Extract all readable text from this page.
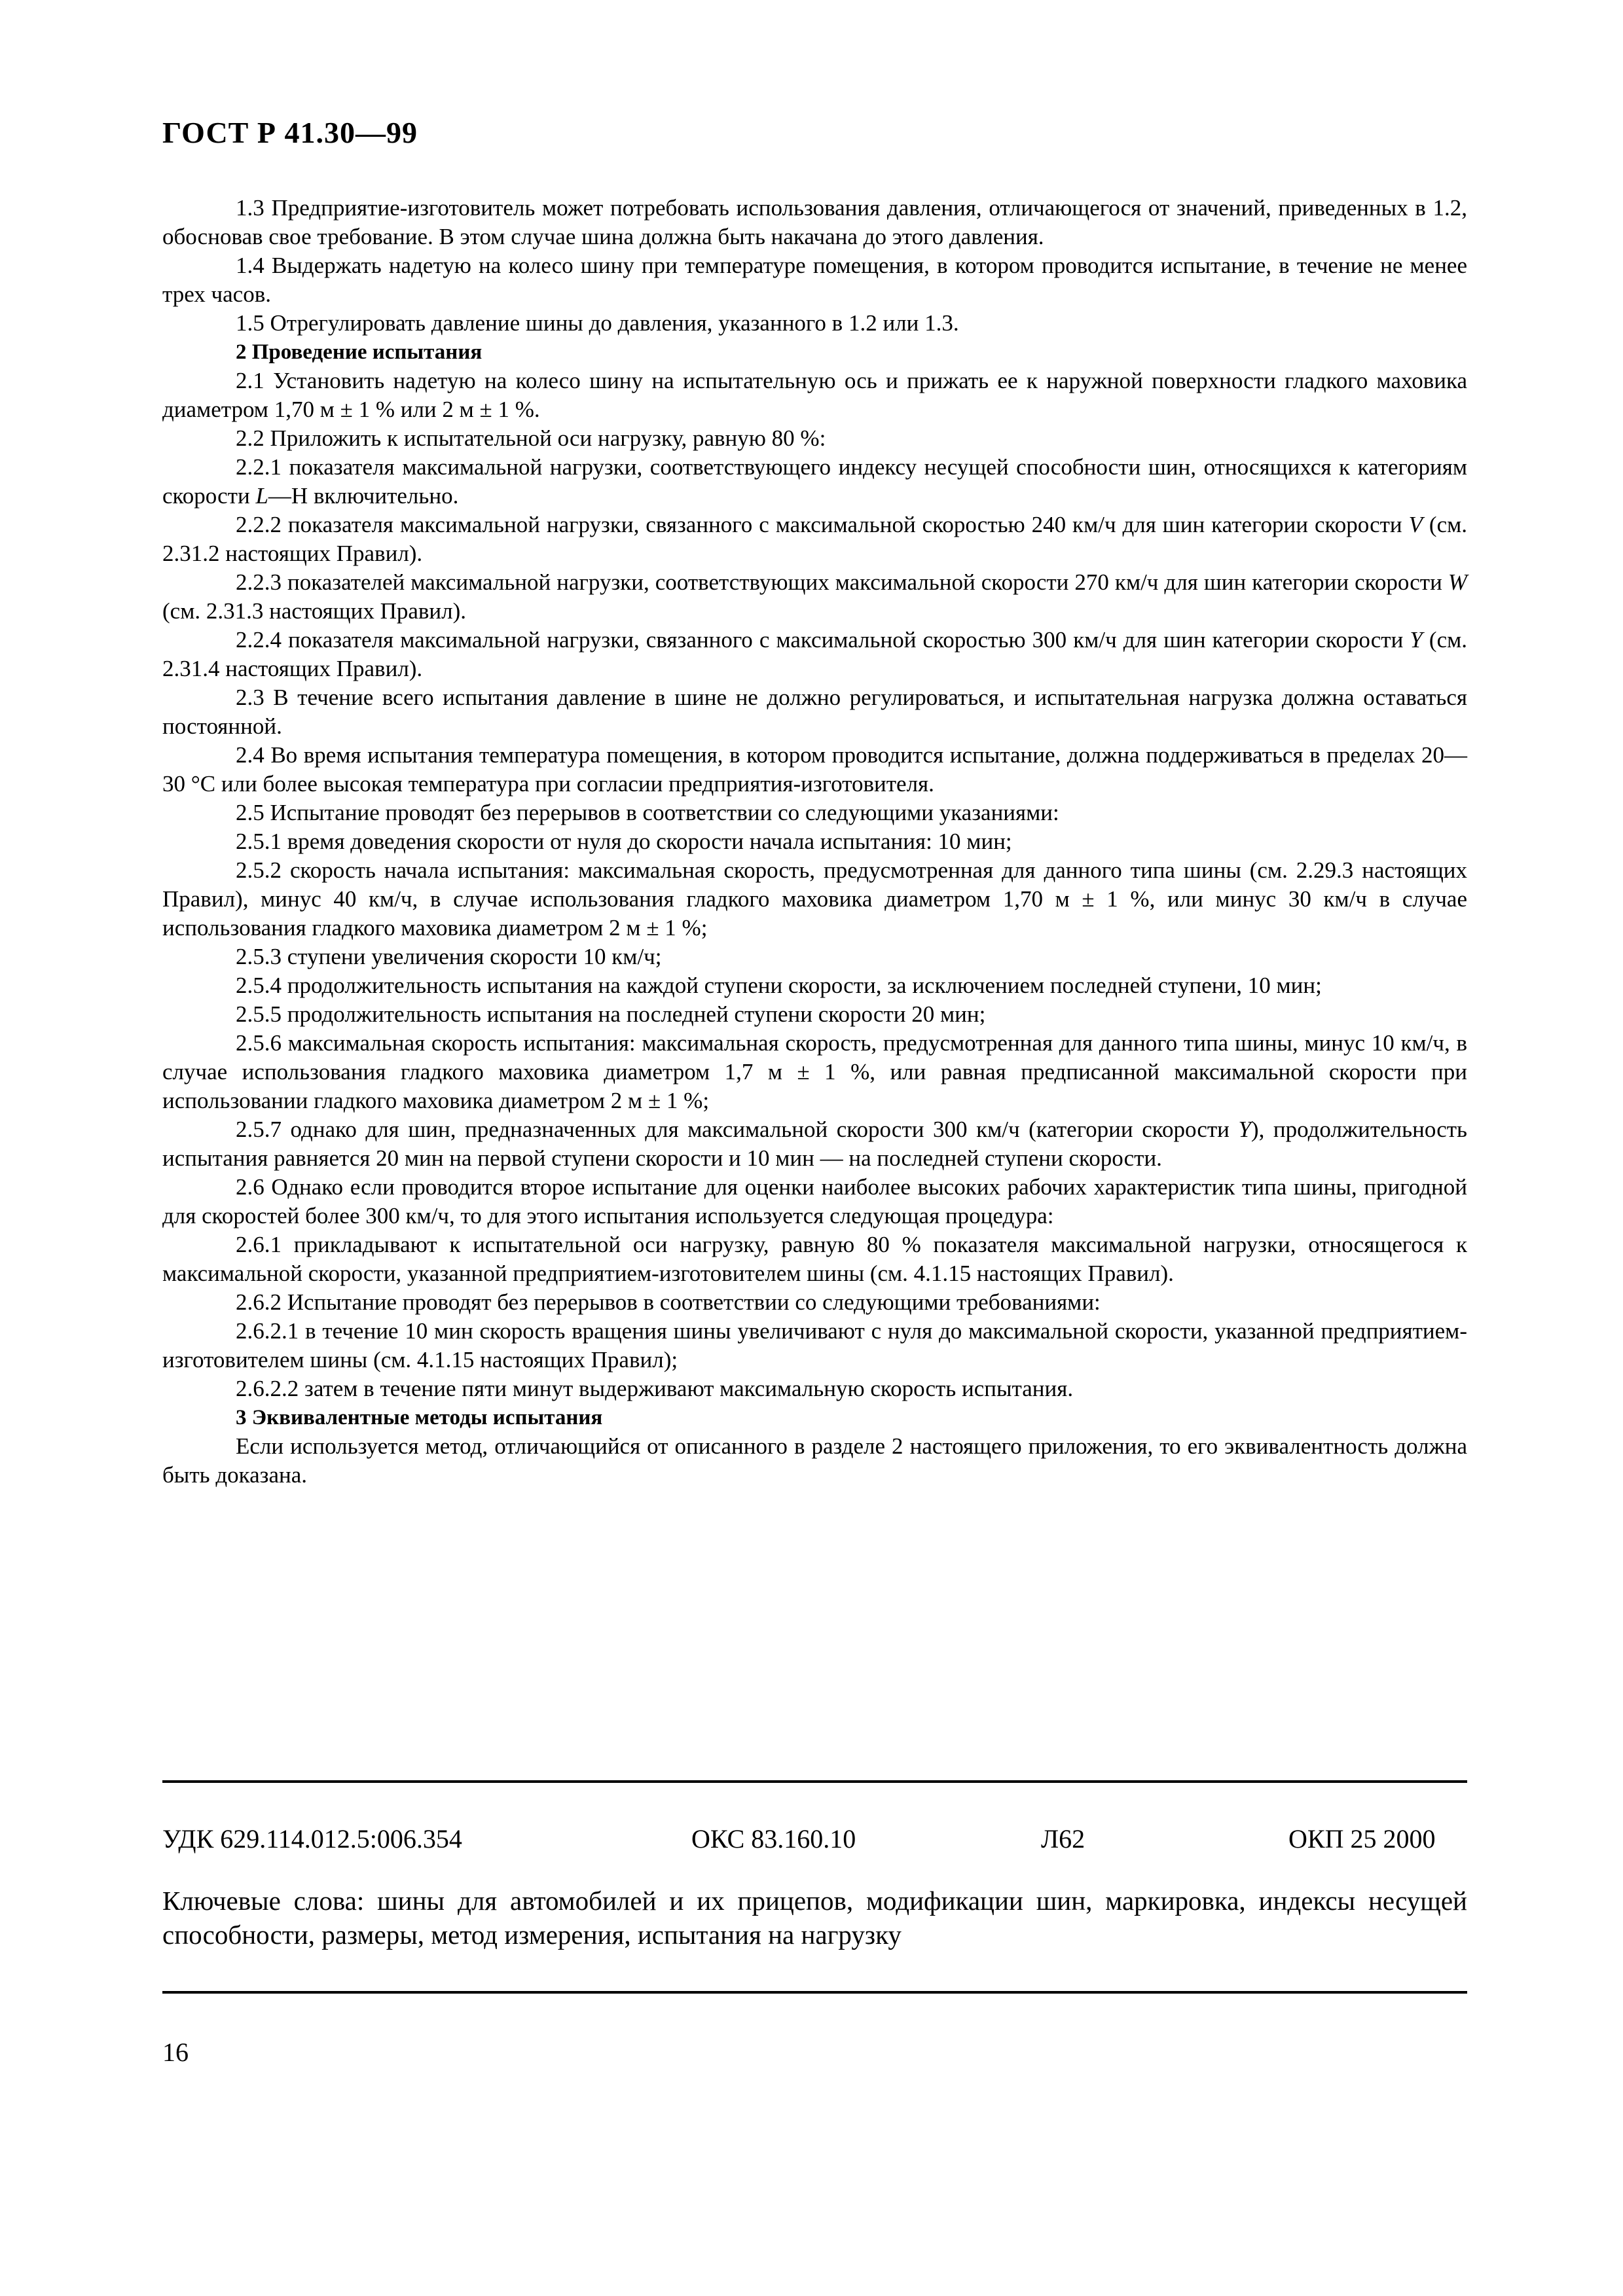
ГОСТ Р 41.30—99

1.3 Предприятие-изготовитель может потребовать использования давления, отличающегося от значений, приведенных в 1.2, обосновав свое требование. В этом случае шина должна быть накачана до этого давления.

1.4 Выдержать надетую на колесо шину при температуре помещения, в котором проводится испытание, в течение не менее трех часов.

1.5 Отрегулировать давление шины до давления, указанного в 1.2 или 1.3.

2 Проведение испытания

2.1 Установить надетую на колесо шину на испытательную ось и прижать ее к наружной поверхности гладкого маховика диаметром 1,70 м ± 1 % или 2 м ± 1 %.

2.2 Приложить к испытательной оси нагрузку, равную 80 %:

2.2.1 показателя максимальной нагрузки, соответствующего индексу несущей способности шин, относящихся к категориям скорости L—H включительно.

2.2.2 показателя максимальной нагрузки, связанного с максимальной скоростью 240 км/ч для шин категории скорости V (см. 2.31.2 настоящих Правил).

2.2.3 показателей максимальной нагрузки, соответствующих максимальной скорости 270 км/ч для шин категории скорости W (см. 2.31.3 настоящих Правил).

2.2.4 показателя максимальной нагрузки, связанного с максимальной скоростью 300 км/ч для шин категории скорости Y (см. 2.31.4 настоящих Правил).

2.3 В течение всего испытания давление в шине не должно регулироваться, и испытательная нагрузка должна оставаться постоянной.

2.4 Во время испытания температура помещения, в котором проводится испытание, должна поддерживаться в пределах 20—30 °С или более высокая температура при согласии предприятия-изготовителя.

2.5 Испытание проводят без перерывов в соответствии со следующими указаниями:

2.5.1 время доведения скорости от нуля до скорости начала испытания: 10 мин;

2.5.2 скорость начала испытания: максимальная скорость, предусмотренная для данного типа шины (см. 2.29.3 настоящих Правил), минус 40 км/ч, в случае использования гладкого маховика диаметром 1,70 м ± 1 %, или минус 30 км/ч в случае использования гладкого маховика диаметром 2 м ± 1 %;

2.5.3 ступени увеличения скорости 10 км/ч;

2.5.4 продолжительность испытания на каждой ступени скорости, за исключением последней ступени, 10 мин;

2.5.5 продолжительность испытания на последней ступени скорости 20 мин;

2.5.6 максимальная скорость испытания: максимальная скорость, предусмотренная для данного типа шины, минус 10 км/ч, в случае использования гладкого маховика диаметром 1,7 м ± 1 %, или равная предписанной максимальной скорости при использовании гладкого маховика диаметром 2 м ± 1 %;

2.5.7 однако для шин, предназначенных для максимальной скорости 300 км/ч (категории скорости Y), продолжительность испытания равняется 20 мин на первой ступени скорости и 10 мин — на последней ступени скорости.

2.6 Однако если проводится второе испытание для оценки наиболее высоких рабочих характеристик типа шины, пригодной для скоростей более 300 км/ч, то для этого испытания используется следующая процедура:

2.6.1 прикладывают к испытательной оси нагрузку, равную 80 % показателя максимальной нагрузки, относящегося к максимальной скорости, указанной предприятием-изготовителем шины (см. 4.1.15 настоящих Правил).

2.6.2 Испытание проводят без перерывов в соответствии со следующими требованиями:

2.6.2.1 в течение 10 мин скорость вращения шины увеличивают с нуля до максимальной скорости, указанной предприятием-изготовителем шины (см. 4.1.15 настоящих Правил);

2.6.2.2 затем в течение пяти минут выдерживают максимальную скорость испытания.

3 Эквивалентные методы испытания

Если используется метод, отличающийся от описанного в разделе 2 настоящего приложения, то его эквивалентность должна быть доказана.

УДК 629.114.012.5:006.354	ОКС 83.160.10	Л62	ОКП 25 2000
Ключевые слова: шины для автомобилей и их прицепов, модификации шин, маркировка, индексы несущей способности, размеры, метод измерения, испытания на нагрузку
16
